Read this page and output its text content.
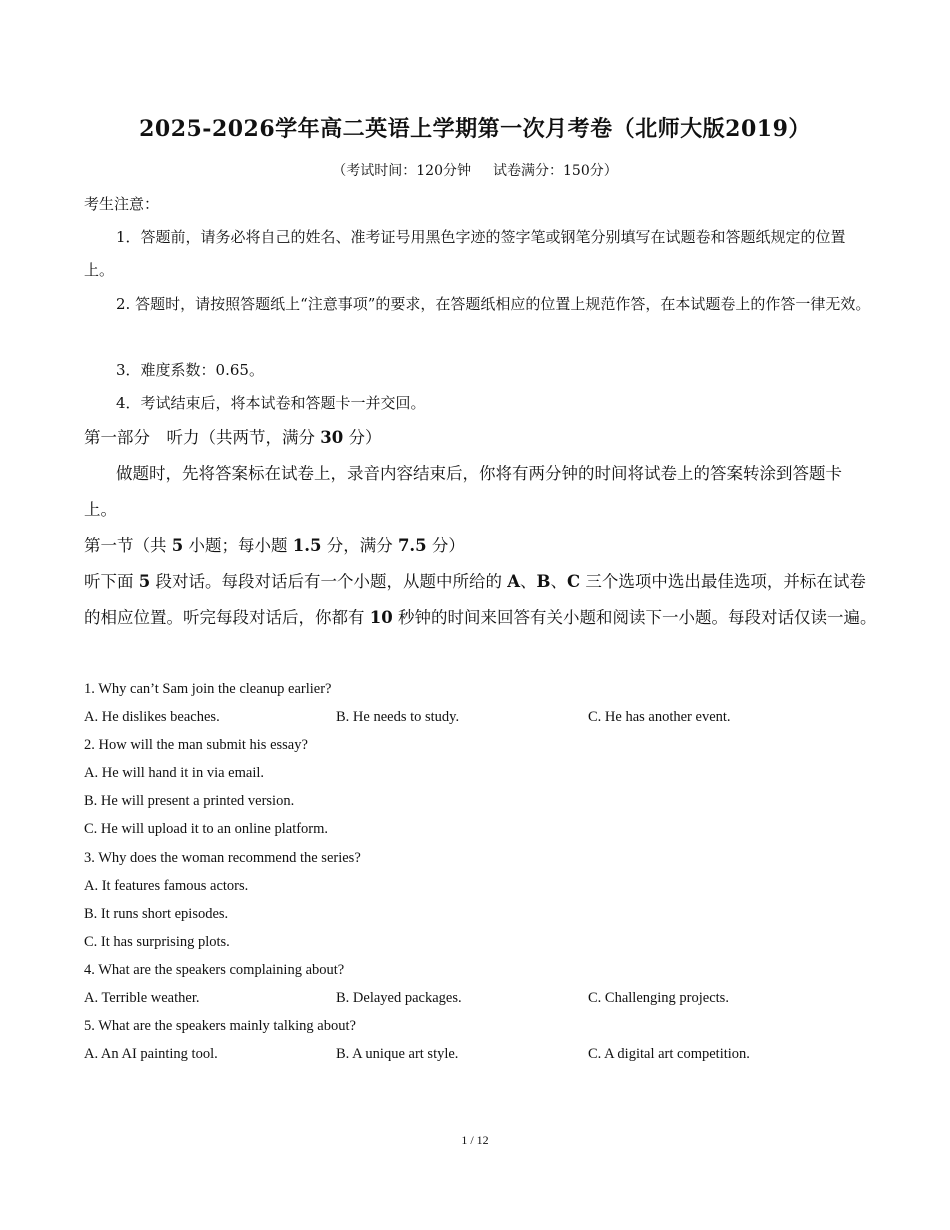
2025-2026学年高二英语上学期第一次月考卷（北师大版2019）
（考试时间：120分钟 试卷满分：150分）
考生注意：
1．答题前，请务必将自己的姓名、准考证号用黑色字迹的签字笔或钢笔分别填写在试题卷和答题纸规定的位置上。
2. 答题时，请按照答题纸上“注意事项”的要求，在答题纸相应的位置上规范作答，在本试题卷上的作答一律无效。
3．难度系数：0.65。
4．考试结束后，将本试卷和答题卡一并交回。
第一部分　听力（共两节，满分 30 分）
做题时，先将答案标在试卷上，录音内容结束后，你将有两分钟的时间将试卷上的答案转涂到答题卡上。
第一节（共 5 小题；每小题 1.5 分，满分 7.5 分）
听下面 5 段对话。每段对话后有一个小题，从题中所给的 A、B、C 三个选项中选出最佳选项，并标在试卷的相应位置。听完每段对话后，你都有 10 秒钟的时间来回答有关小题和阅读下一小题。每段对话仅读一遍。
1. Why can’t Sam join the cleanup earlier?
A. He dislikes beaches.	B. He needs to study.	C. He has another event.
2. How will the man submit his essay?
A. He will hand it in via email.
B. He will present a printed version.
C. He will upload it to an online platform.
3. Why does the woman recommend the series?
A. It features famous actors.
B. It runs short episodes.
C. It has surprising plots.
4. What are the speakers complaining about?
A. Terrible weather.	B. Delayed packages.	C. Challenging projects.
5. What are the speakers mainly talking about?
A. An AI painting tool.	B. A unique art style.	C. A digital art competition.
1 / 12
